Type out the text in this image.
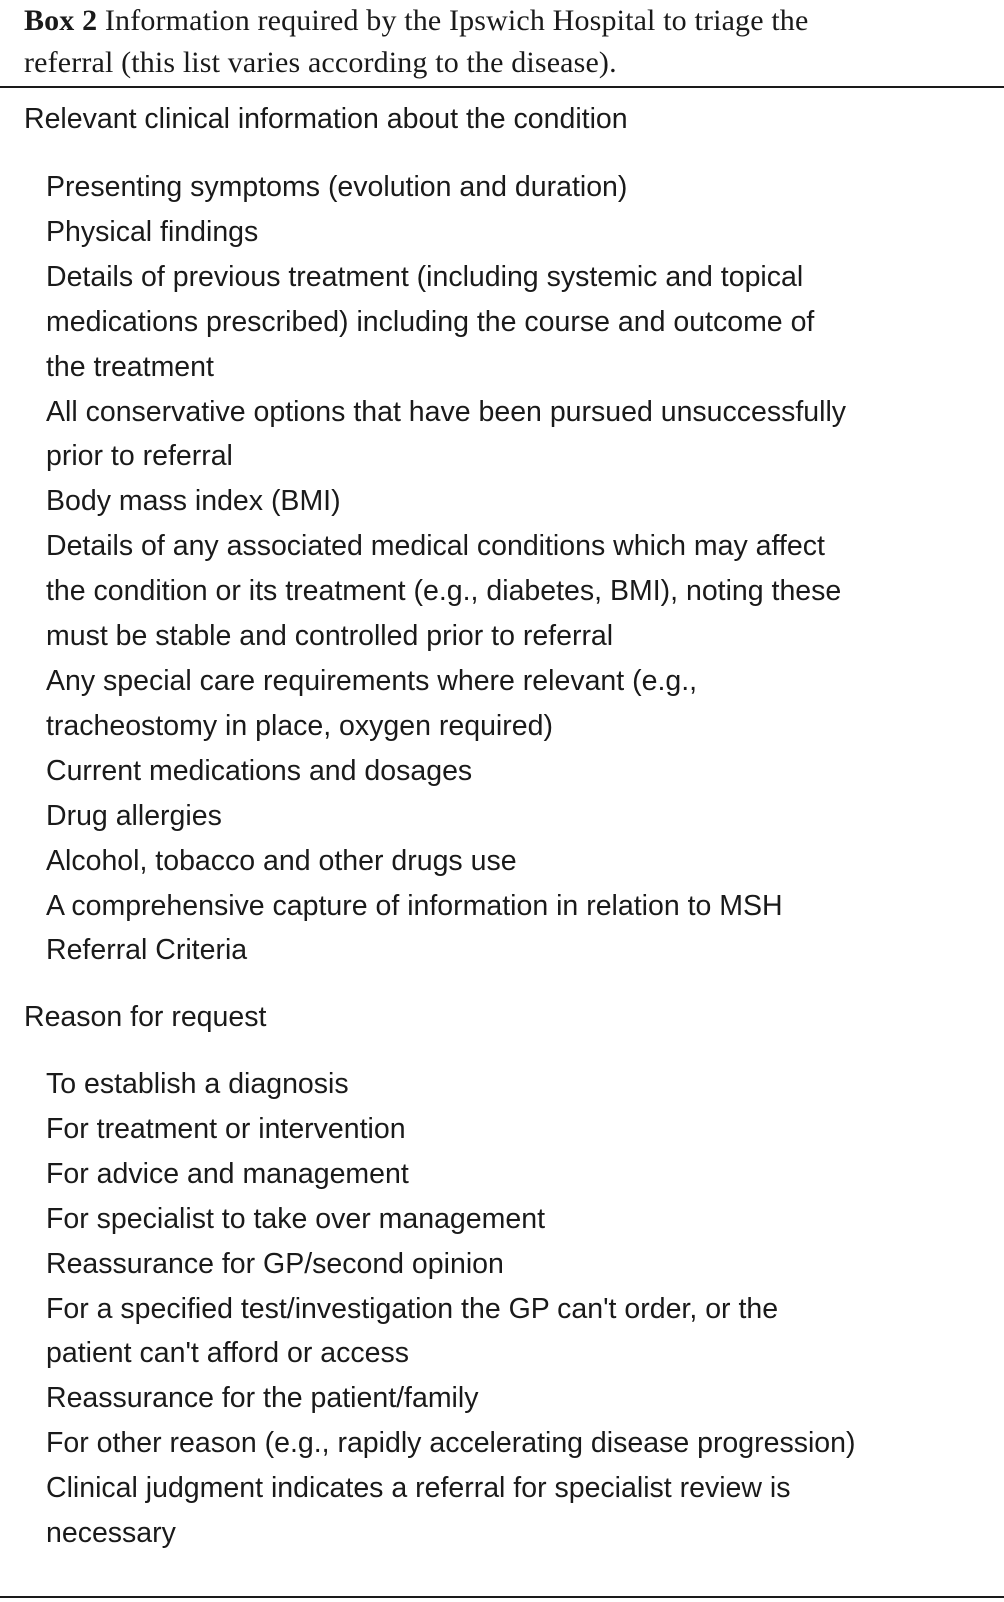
Box 2 Information required by the Ipswich Hospital to triage the
referral (this list varies according to the disease).
Relevant clinical information about the condition
Presenting symptoms (evolution and duration)
Physical findings
Details of previous treatment (including systemic and topical
medications prescribed) including the course and outcome of
the treatment
All conservative options that have been pursued unsuccessfully
prior to referral
Body mass index (BMI)
Details of any associated medical conditions which may affect
the condition or its treatment (e.g., diabetes, BMI), noting these
must be stable and controlled prior to referral
Any special care requirements where relevant (e.g.,
tracheostomy in place, oxygen required)
Current medications and dosages
Drug allergies
Alcohol, tobacco and other drugs use
A comprehensive capture of information in relation to MSH
Referral Criteria
Reason for request
To establish a diagnosis
For treatment or intervention
For advice and management
For specialist to take over management
Reassurance for GP/second opinion
For a specified test/investigation the GP can't order, or the
patient can't afford or access
Reassurance for the patient/family
For other reason (e.g., rapidly accelerating disease progression)
Clinical judgment indicates a referral for specialist review is
necessary
